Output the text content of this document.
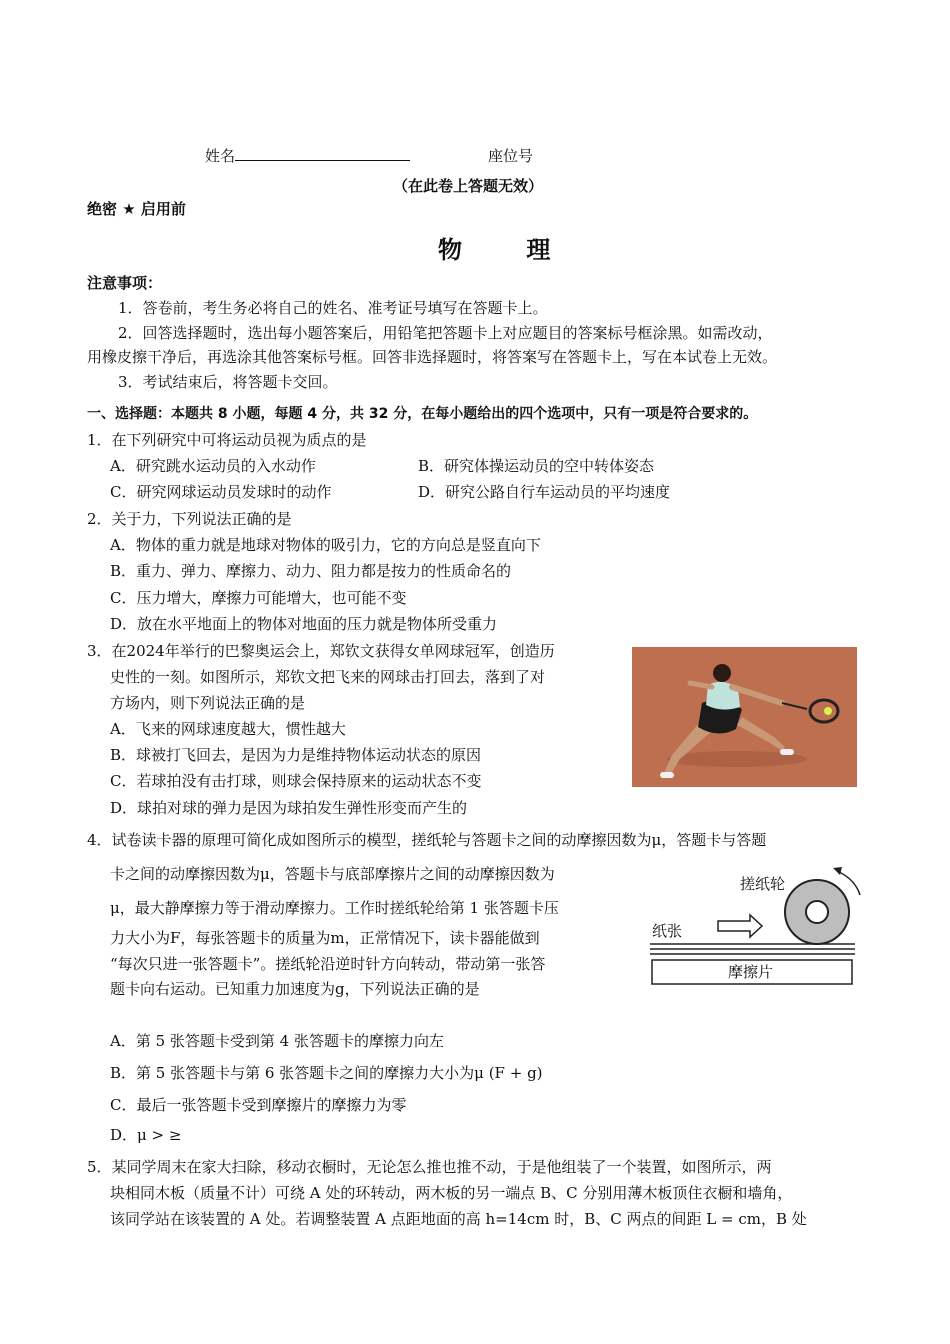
姓名	座位号
（在此卷上答题无效）
绝密 ★ 启用前
物 理
注意事项：
1．答卷前，考生务必将自己的姓名、准考证号填写在答题卡上。
2．回答选择题时，选出每小题答案后，用铅笔把答题卡上对应题目的答案标号框涂黑。如需改动，
用橡皮擦干净后，再选涂其他答案标号框。回答非选择题时，将答案写在答题卡上，写在本试卷上无效。
3．考试结束后，将答题卡交回。
一、选择题：本题共 8 小题，每题 4 分，共 32 分，在每小题给出的四个选项中，只有一项是符合要求的。
1．在下列研究中可将运动员视为质点的是
A．研究跳水运动员的入水动作	B．研究体操运动员的空中转体姿态
C．研究网球运动员发球时的动作	D．研究公路自行车运动员的平均速度
2．关于力，下列说法正确的是
A．物体的重力就是地球对物体的吸引力，它的方向总是竖直向下
B．重力、弹力、摩擦力、动力、阻力都是按力的性质命名的
C．压力增大，摩擦力可能增大，也可能不变
D．放在水平地面上的物体对地面的压力就是物体所受重力
3．在2024年举行的巴黎奥运会上，郑钦文获得女单网球冠军，创造历
史性的一刻。如图所示，郑钦文把飞来的网球击打回去，落到了对
方场内，则下列说法正确的是
A．飞来的网球速度越大，惯性越大
B．球被打飞回去，是因为力是维持物体运动状态的原因
C．若球拍没有击打球，则球会保持原来的运动状态不变
D．球拍对球的弹力是因为球拍发生弹性形变而产生的
4．试卷读卡器的原理可简化成如图所示的模型，搓纸轮与答题卡之间的动摩擦因数为μ，答题卡与答题
卡之间的动摩擦因数为μ，答题卡与底部摩擦片之间的动摩擦因数为
μ，最大静摩擦力等于滑动摩擦力。工作时搓纸轮给第 1 张答题卡压
力大小为F，每张答题卡的质量为m，正常情况下，读卡器能做到
“每次只进一张答题卡”。搓纸轮沿逆时针方向转动，带动第一张答
题卡向右运动。已知重力加速度为g，下列说法正确的是
A．第 5 张答题卡受到第 4 张答题卡的摩擦力向左
B．第 5 张答题卡与第 6 张答题卡之间的摩擦力大小为μ (F + g)
C．最后一张答题卡受到摩擦片的摩擦力为零
D．μ > ≥
搓纸轮
纸张
摩擦片
5．某同学周末在家大扫除，移动衣橱时，无论怎么推也推不动，于是他组装了一个装置，如图所示，两
块相同木板（质量不计）可绕 A 处的环转动，两木板的另一端点 B、C 分别用薄木板顶住衣橱和墙角，
该同学站在该装置的 A 处。若调整装置 A 点距地面的高 h=14cm 时，B、C 两点的间距 L = cm，B 处
